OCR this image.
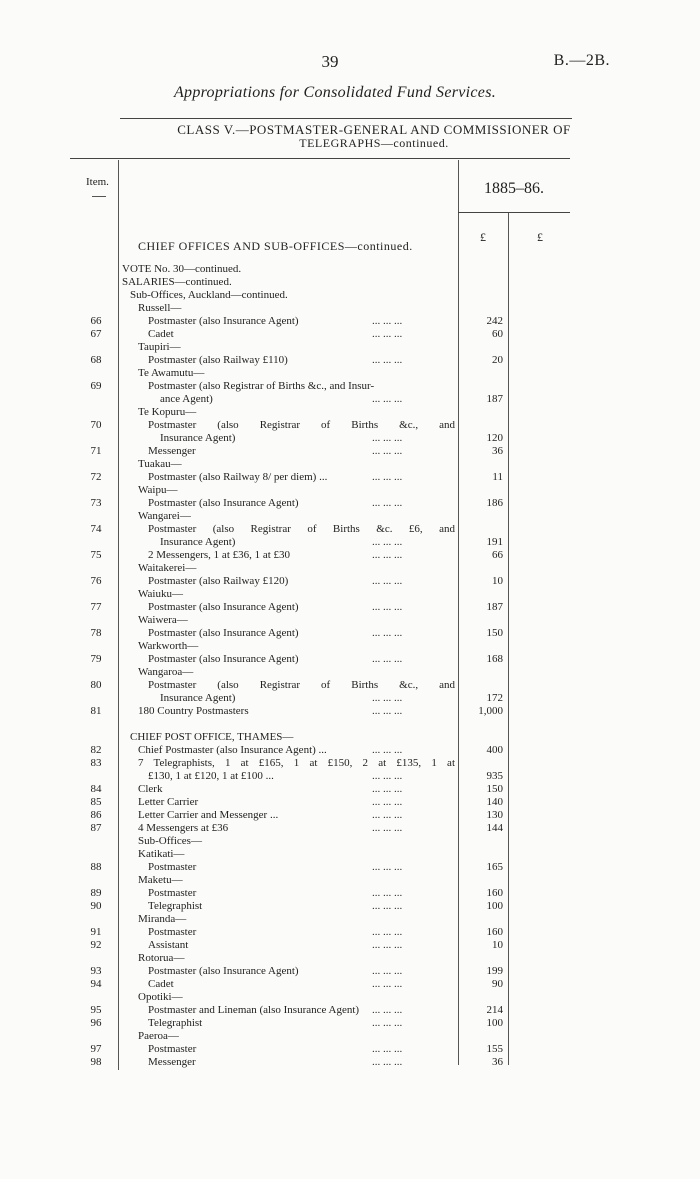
39	B.—2B.
Appropriations for Consolidated Fund Services.
CLASS V.—POSTMASTER-GENERAL AND COMMISSIONER OF
TELEGRAPHS—continued.
Item.	1885–86.
£	£
CHIEF OFFICES AND SUB-OFFICES—continued.
VOTE No. 30—continued.
SALARIES—continued.
Sub-Offices, Auckland—continued.
Russell—
66	Postmaster (also Insurance Agent)	... ... ...	242
67	Cadet	... ... ...	60
Taupiri—
68	Postmaster (also Railway £110)	... ... ...	20
Te Awamutu—
69	Postmaster (also Registrar of Births &c., and Insur-
ance Agent)	... ... ...	187
Te Kopuru—
70	Postmaster (also Registrar of Births &c., and
Insurance Agent)	... ... ...	120
71	Messenger	... ... ...	36
Tuakau—
72	Postmaster (also Railway 8/ per diem) ...	... ... ...	11
Waipu—
73	Postmaster (also Insurance Agent)	... ... ...	186
Wangarei—
74	Postmaster (also Registrar of Births &c. £6, and
Insurance Agent)	... ... ...	191
75	2 Messengers, 1 at £36, 1 at £30	... ... ...	66
Waitakerei—
76	Postmaster (also Railway £120)	... ... ...	10
Waiuku—
77	Postmaster (also Insurance Agent)	... ... ...	187
Waiwera—
78	Postmaster (also Insurance Agent)	... ... ...	150
Warkworth—
79	Postmaster (also Insurance Agent)	... ... ...	168
Wangaroa—
80	Postmaster (also Registrar of Births &c., and
Insurance Agent)	... ... ...	172
81	180 Country Postmasters	... ... ...	1,000
CHIEF POST OFFICE, THAMES—
82	Chief Postmaster (also Insurance Agent) ...	... ... ...	400
83	7 Telegraphists, 1 at £165, 1 at £150, 2 at £135, 1 at
£130, 1 at £120, 1 at £100 ...	... ... ...	935
84	Clerk	... ... ...	150
85	Letter Carrier	... ... ...	140
86	Letter Carrier and Messenger ...	... ... ...	130
87	4 Messengers at £36	... ... ...	144
Sub-Offices—
Katikati—
88	Postmaster	... ... ...	165
Maketu—
89	Postmaster	... ... ...	160
90	Telegraphist	... ... ...	100
Miranda—
91	Postmaster	... ... ...	160
92	Assistant	... ... ...	10
Rotorua—
93	Postmaster (also Insurance Agent)	... ... ...	199
94	Cadet	... ... ...	90
Opotiki—
95	Postmaster and Lineman (also Insurance Agent) ... ... ...	214
96	Telegraphist	... ... ...	100
Paeroa—
97	Postmaster	... ... ...	155
98	Messenger	... ... ...	36
